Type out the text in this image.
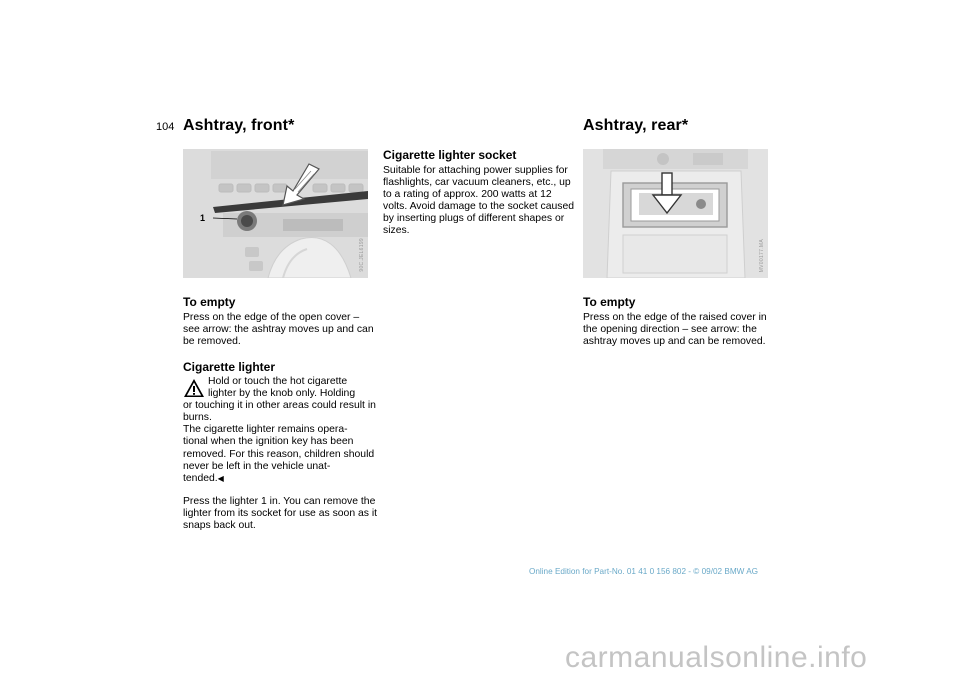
104 Ashtray, front*
90C.JEL6199
1
To empty

Press on the edge of the open cover – see arrow: the ashtray moves up and can be removed.

Cigarette lighter
Hold or touch the hot cigarette
lighter by the knob only. Holding
or touching it in other areas could result in burns.
The cigarette lighter remains opera-
tional when the ignition key has been removed. For this reason, children should never be left in the vehicle unat-
tended.◀

Press the lighter 1 in. You can remove the lighter from its socket for use as soon as it snaps back out.

Cigarette lighter socket

Suitable for attaching power supplies for flashlights, car vacuum cleaners, etc., up to a rating of approx. 200 watts at 12 volts. Avoid damage to the socket caused by inserting plugs of different shapes or sizes.

Ashtray, rear*
MV00177.MA
To empty

Press on the edge of the raised cover in the opening direction – see arrow: the ashtray moves up and can be removed.

Online Edition for Part-No. 01 41 0 156 802 - © 09/02 BMW AG
carmanualsonline.info
